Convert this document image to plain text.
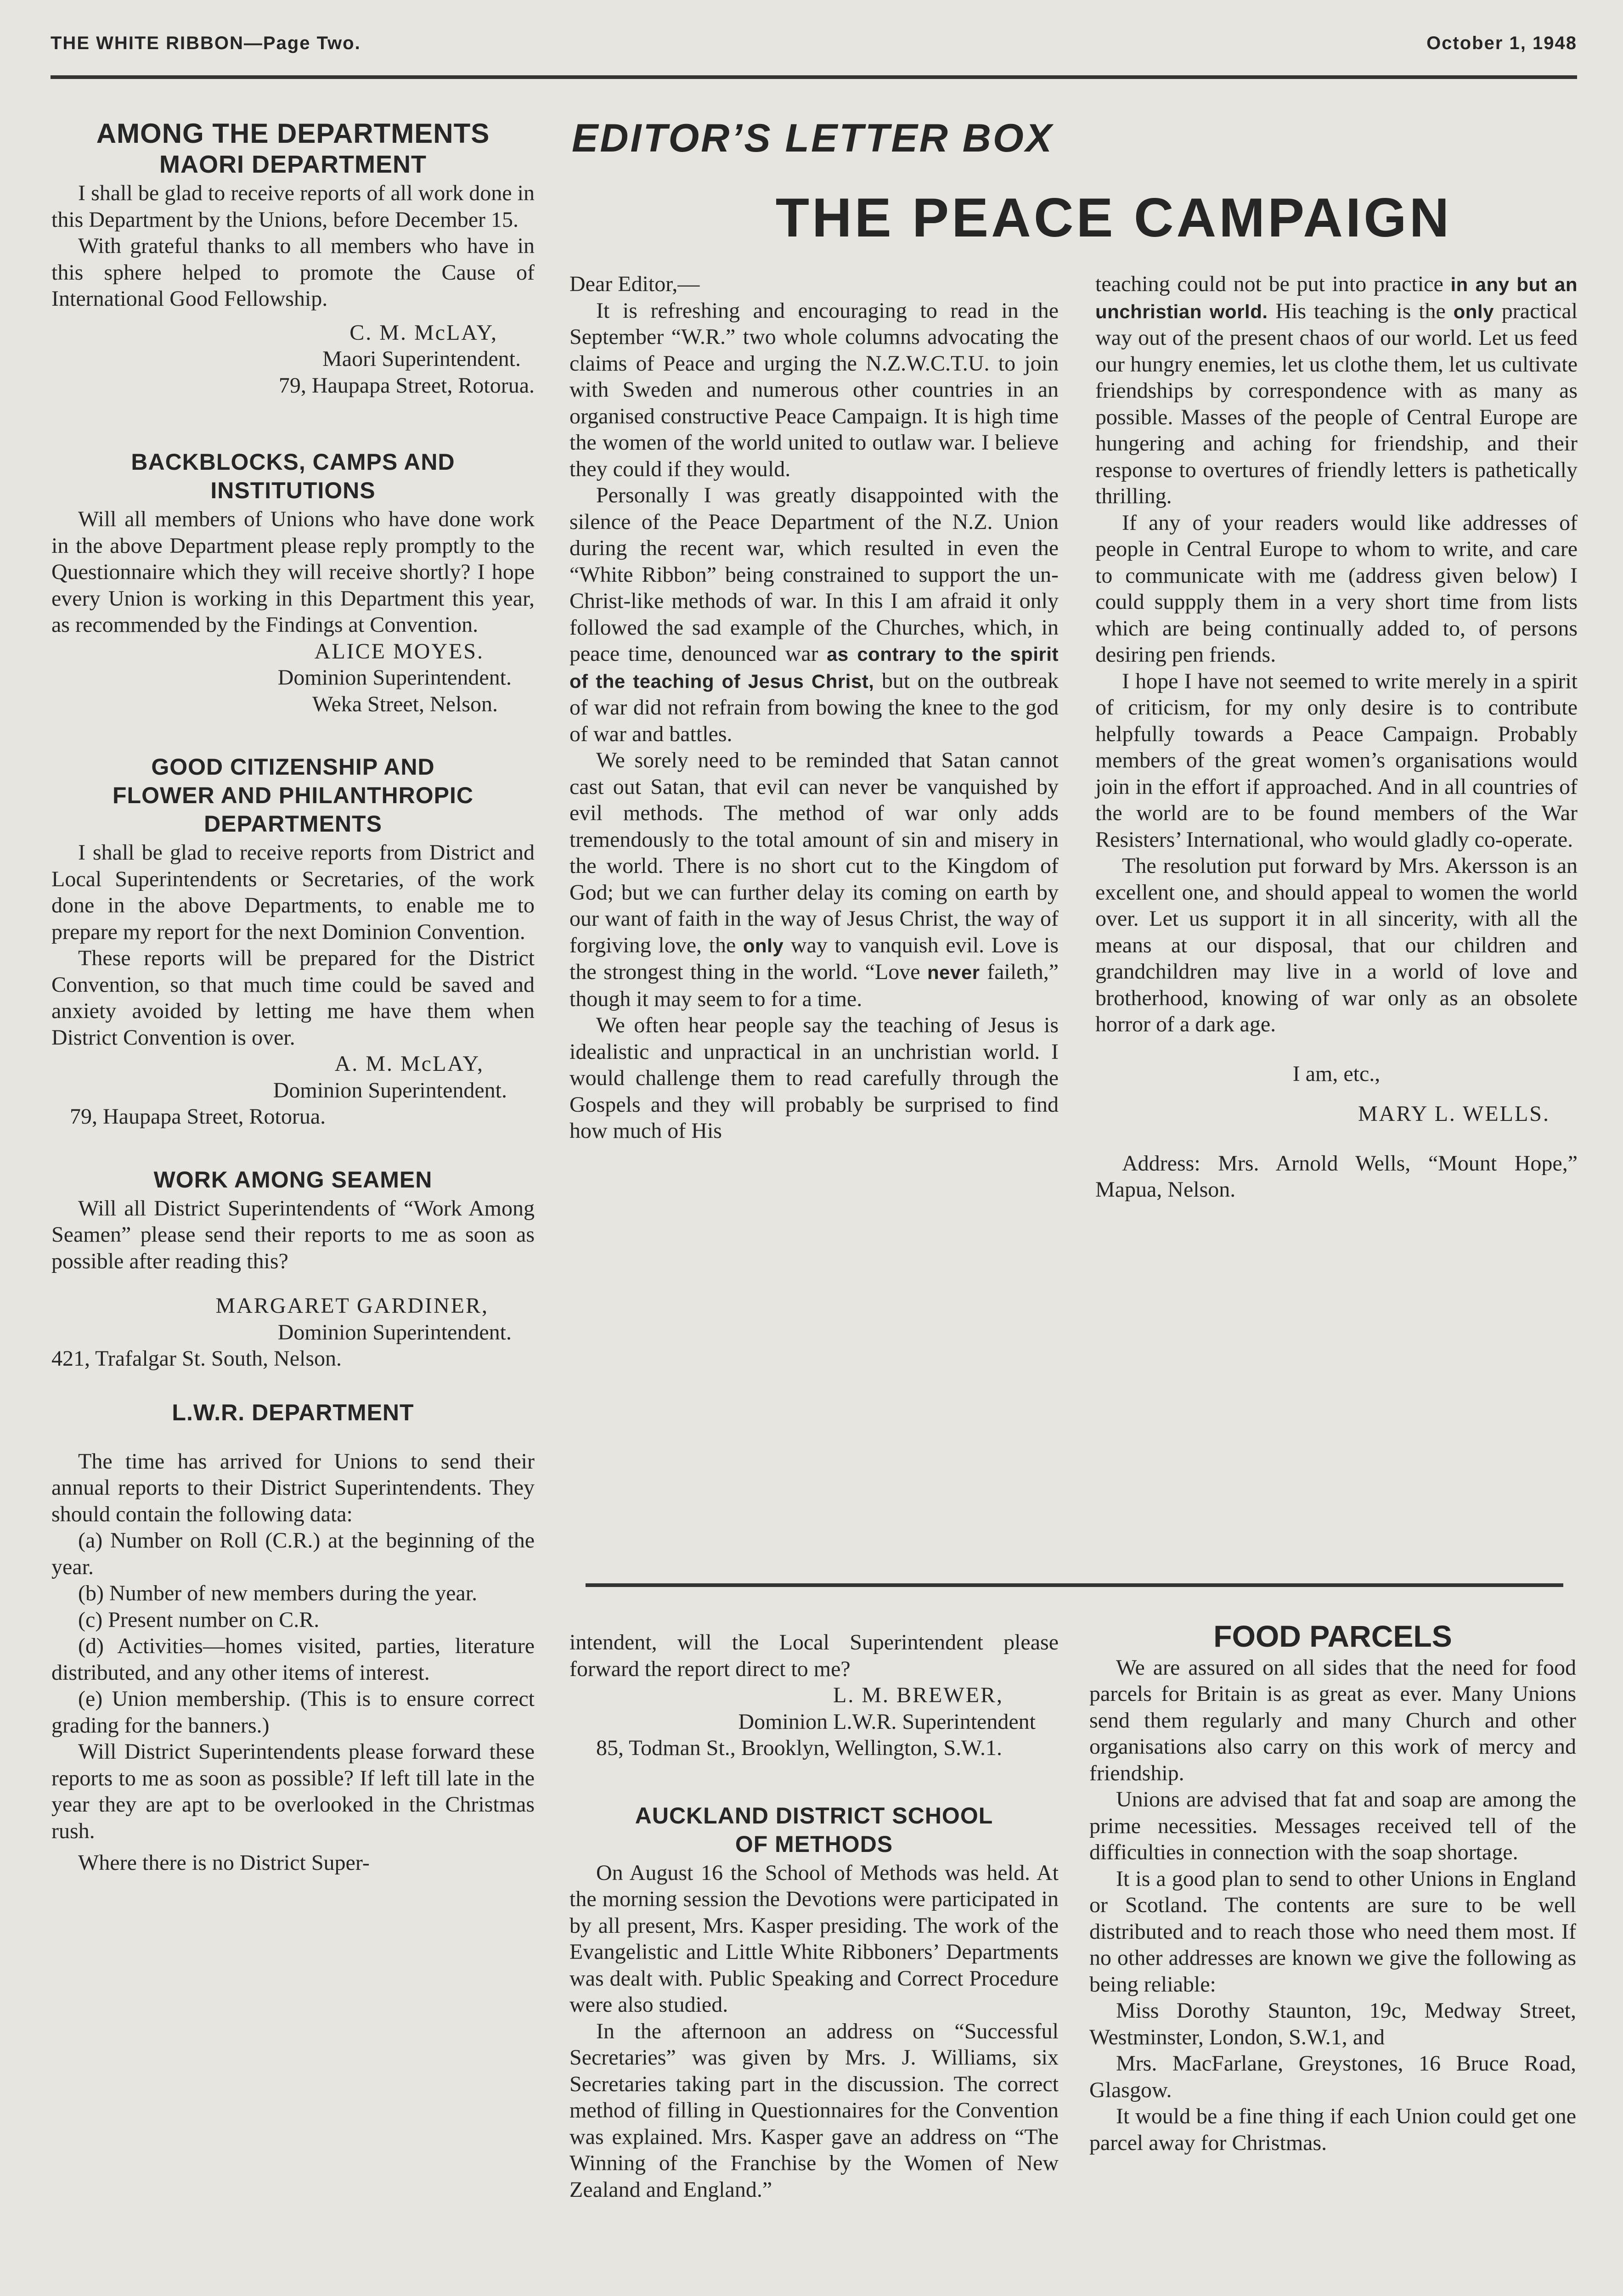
THE WHITE RIBBON—Page Two.	October 1, 1948
AMONG THE DEPARTMENTS
MAORI DEPARTMENT

I shall be glad to receive reports of all work done in this Department by the Unions, before December 15.

With grateful thanks to all members who have in this sphere helped to promote the Cause of International Good Fellowship.

C. M. McLAY,

Maori Superintendent.

79, Haupapa Street, Rotorua.

BACKBLOCKS, CAMPS AND
INSTITUTIONS

Will all members of Unions who have done work in the above Department please reply promptly to the Questionnaire which they will receive shortly? I hope every Union is working in this Department this year, as recommended by the Findings at Convention.

ALICE MOYES.

Dominion Superintendent.

Weka Street, Nelson.

GOOD CITIZENSHIP AND
FLOWER AND PHILANTHROPIC
DEPARTMENTS

I shall be glad to receive reports from District and Local Superintendents or Secretaries, of the work done in the above Departments, to enable me to prepare my report for the next Dominion Convention.

These reports will be prepared for the District Convention, so that much time could be saved and anxiety avoided by letting me have them when District Convention is over.

A. M. McLAY,

Dominion Superintendent.

79, Haupapa Street, Rotorua.

WORK AMONG SEAMEN

Will all District Superintendents of “Work Among Seamen” please send their reports to me as soon as possible after reading this?

MARGARET GARDINER,

Dominion Superintendent.

421, Trafalgar St. South, Nelson.

L.W.R. DEPARTMENT

The time has arrived for Unions to send their annual reports to their District Superintendents. They should contain the following data:

(a) Number on Roll (C.R.) at the beginning of the year.

(b) Number of new members during the year.

(c) Present number on C.R.

(d) Activities—homes visited, parties, literature distributed, and any other items of interest.

(e) Union membership. (This is to ensure correct grading for the banners.)

Will District Superintendents please forward these reports to me as soon as possible? If left till late in the year they are apt to be overlooked in the Christmas rush.

Where there is no District Super-

EDITOR’S LETTER BOX
THE PEACE CAMPAIGN

Dear Editor,—

It is refreshing and encouraging to read in the September “W.R.” two whole columns advocating the claims of Peace and urging the N.Z.W.C.T.U. to join with Sweden and numerous other countries in an organised constructive Peace Campaign. It is high time the women of the world united to outlaw war. I believe they could if they would.

Personally I was greatly disappointed with the silence of the Peace Department of the N.Z. Union during the recent war, which resulted in even the “White Ribbon” being constrained to support the un-Christ-like methods of war. In this I am afraid it only followed the sad example of the Churches, which, in peace time, denounced war as contrary to the spirit of the teaching of Jesus Christ, but on the outbreak of war did not refrain from bowing the knee to the god of war and battles.

We sorely need to be reminded that Satan cannot cast out Satan, that evil can never be vanquished by evil methods. The method of war only adds tremendously to the total amount of sin and misery in the world. There is no short cut to the Kingdom of God; but we can further delay its coming on earth by our want of faith in the way of Jesus Christ, the way of forgiving love, the only way to vanquish evil. Love is the strongest thing in the world. “Love never faileth,” though it may seem to for a time.

We often hear people say the teaching of Jesus is idealistic and unpractical in an unchristian world. I would challenge them to read carefully through the Gospels and they will probably be surprised to find how much of His

teaching could not be put into practice in any but an unchristian world. His teaching is the only practical way out of the present chaos of our world. Let us feed our hungry enemies, let us clothe them, let us cultivate friendships by correspondence with as many as possible. Masses of the people of Central Europe are hungering and aching for friendship, and their response to overtures of friendly letters is pathetically thrilling.

If any of your readers would like addresses of people in Central Europe to whom to write, and care to communicate with me (address given below) I could suppply them in a very short time from lists which are being continually added to, of persons desiring pen friends.

I hope I have not seemed to write merely in a spirit of criticism, for my only desire is to contribute helpfully towards a Peace Campaign. Probably members of the great women’s organisations would join in the effort if approached. And in all countries of the world are to be found members of the War Resisters’ International, who would gladly co-operate.

The resolution put forward by Mrs. Akersson is an excellent one, and should appeal to women the world over. Let us support it in all sincerity, with all the means at our disposal, that our children and grandchildren may live in a world of love and brotherhood, knowing of war only as an obsolete horror of a dark age.

I am, etc.,

MARY L. WELLS.

Address: Mrs. Arnold Wells, “Mount Hope,” Mapua, Nelson.

intendent, will the Local Superintendent please forward the report direct to me?

L. M. BREWER,

Dominion L.W.R. Superintendent

85, Todman St., Brooklyn, Wellington, S.W.1.

AUCKLAND DISTRICT SCHOOL
OF METHODS

On August 16 the School of Methods was held. At the morning session the Devotions were participated in by all present, Mrs. Kasper presiding. The work of the Evangelistic and Little White Ribboners’ Departments was dealt with. Public Speaking and Correct Procedure were also studied.

In the afternoon an address on “Successful Secretaries” was given by Mrs. J. Williams, six Secretaries taking part in the discussion. The correct method of filling in Questionnaires for the Convention was explained. Mrs. Kasper gave an address on “The Winning of the Franchise by the Women of New Zealand and England.”

FOOD PARCELS

We are assured on all sides that the need for food parcels for Britain is as great as ever. Many Unions send them regularly and many Church and other organisations also carry on this work of mercy and friendship.

Unions are advised that fat and soap are among the prime necessities. Messages received tell of the difficulties in connection with the soap shortage.

It is a good plan to send to other Unions in England or Scotland. The contents are sure to be well distributed and to reach those who need them most. If no other addresses are known we give the following as being reliable:

Miss Dorothy Staunton, 19c, Medway Street, Westminster, London, S.W.1, and

Mrs. MacFarlane, Greystones, 16 Bruce Road, Glasgow.

It would be a fine thing if each Union could get one parcel away for Christmas.
